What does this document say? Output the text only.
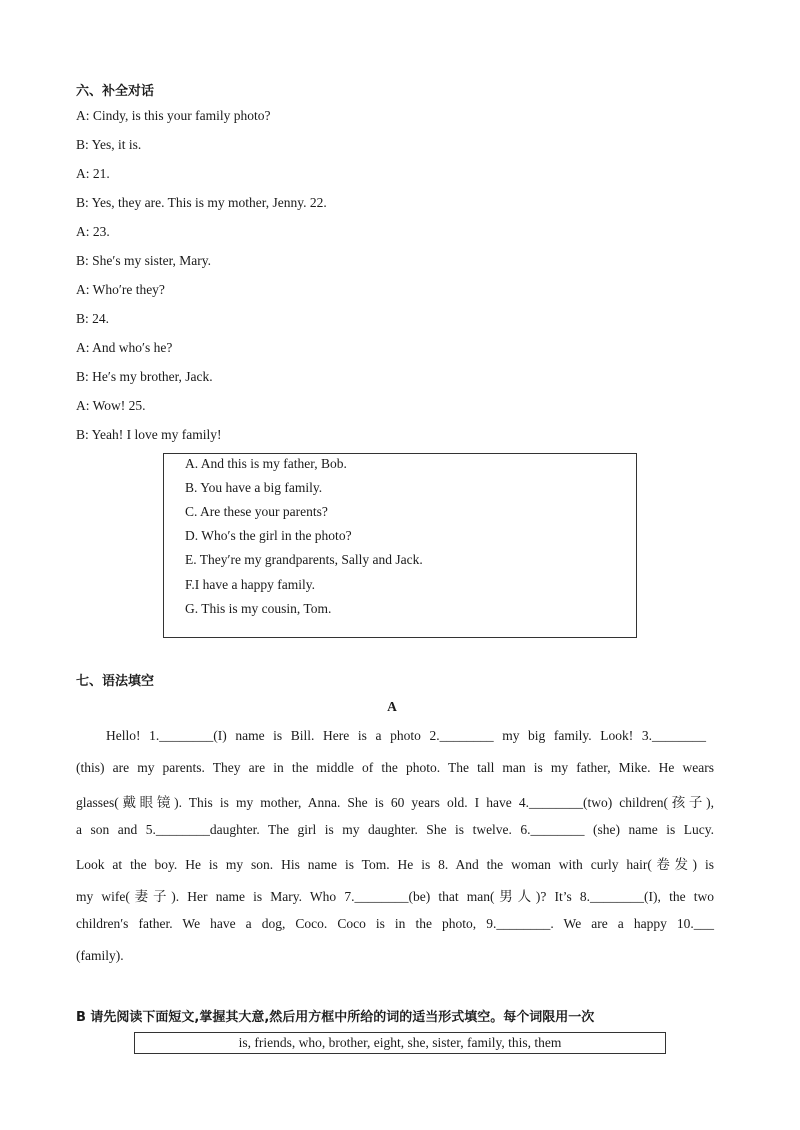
六、补全对话
A: Cindy, is this your family photo?
B: Yes, it is.
A: 21.
B: Yes, they are. This is my mother, Jenny. 22.
A: 23.
B: She′s my sister, Mary.
A: Who′re they?
B: 24.
A: And who′s he?
B: He′s my brother, Jack.
A: Wow! 25.
B: Yeah! I love my family!
A. And this is my father, Bob.
B. You have a big family.
C. Are these your parents?
D. Who′s the girl in the photo?
E. They′re my grandparents, Sally and Jack.
F.I have a happy family.
G. This is my cousin, Tom.
七、语法填空
A
Hello! 1.________(I) name is Bill. Here is a photo 2.________ my big family. Look! 3.________
(this) are my parents. They are in the middle of the photo. The tall man is my father, Mike. He wears
glasses(戴眼镜). This is my mother, Anna. She is 60 years old. I have 4.________(two) children(孩子),
a son and 5.________daughter. The girl is my daughter. She is twelve. 6.________ (she) name is Lucy.
Look at the boy. He is my son. His name is Tom. He is 8. And the woman with curly hair(卷发) is
my wife(妻子). Her name is Mary. Who 7.________(be) that man(男人)? It’s 8.________(I), the two
children′s father. We have a dog, Coco. Coco is in the photo, 9.________. We are a happy 10.___
(family).
B 请先阅读下面短文,掌握其大意,然后用方框中所给的词的适当形式填空。每个词限用一次
is, friends, who, brother, eight, she, sister, family, this, them
